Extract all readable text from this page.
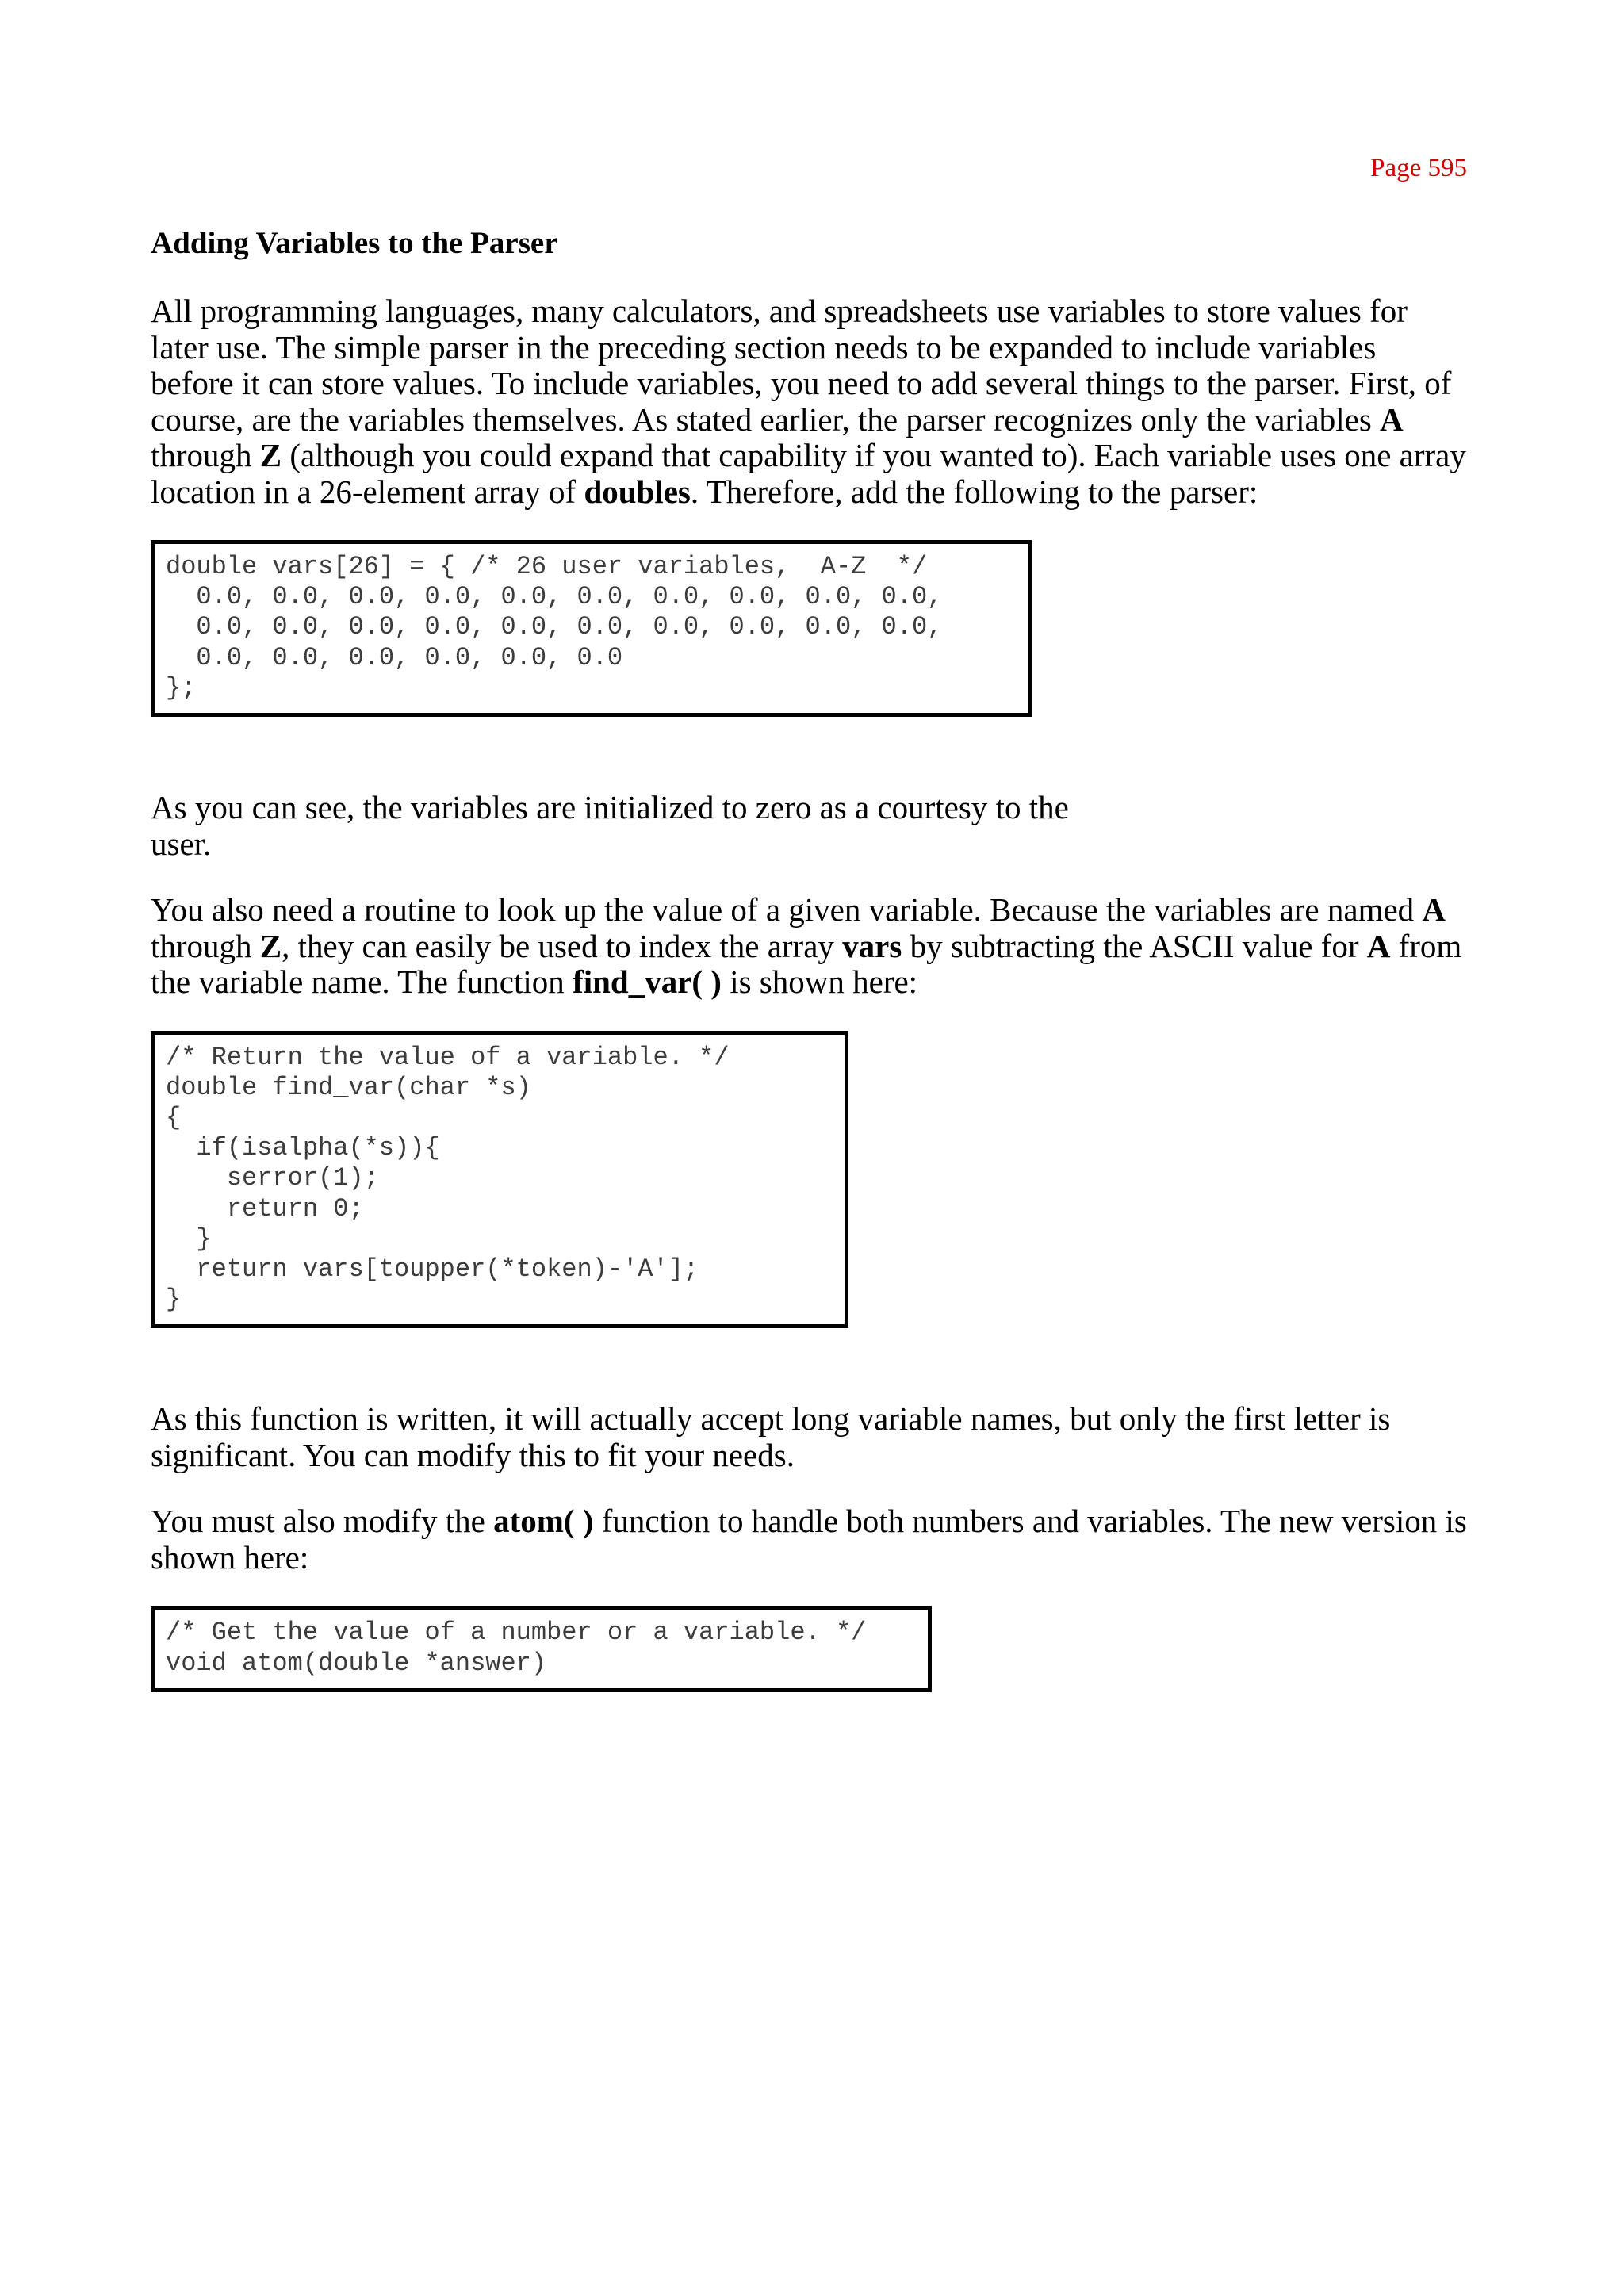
Page 595
Adding Variables to the Parser

All programming languages, many calculators, and spreadsheets use variables to store values for later use. The simple parser in the preceding section needs to be expanded to include variables before it can store values. To include variables, you need to add several things to the parser. First, of course, are the variables themselves. As stated earlier, the parser recognizes only the variables A through Z (although you could expand that capability if you wanted to). Each variable uses one array location in a 26-element array of doubles. Therefore, add the following to the parser:

double vars[26] = { /* 26 user variables,  A-Z  */
0.0, 0.0, 0.0, 0.0, 0.0, 0.0, 0.0, 0.0, 0.0, 0.0,
0.0, 0.0, 0.0, 0.0, 0.0, 0.0, 0.0, 0.0, 0.0, 0.0,
0.0, 0.0, 0.0, 0.0, 0.0, 0.0
};

As you can see, the variables are initialized to zero as a courtesy to the user.

You also need a routine to look up the value of a given variable. Because the variables are named A through Z, they can easily be used to index the array vars by subtracting the ASCII value for A from the variable name. The function find_var( ) is shown here:

/* Return the value of a variable. */
double find_var(char *s)
{
if(isalpha(*s)){
serror(1);
return 0;
}
return vars[toupper(*token)-'A'];
}

As this function is written, it will actually accept long variable names, but only the first letter is significant. You can modify this to fit your needs.

You must also modify the atom( ) function to handle both numbers and variables. The new version is shown here:

/* Get the value of a number or a variable. */
void atom(double *answer)
